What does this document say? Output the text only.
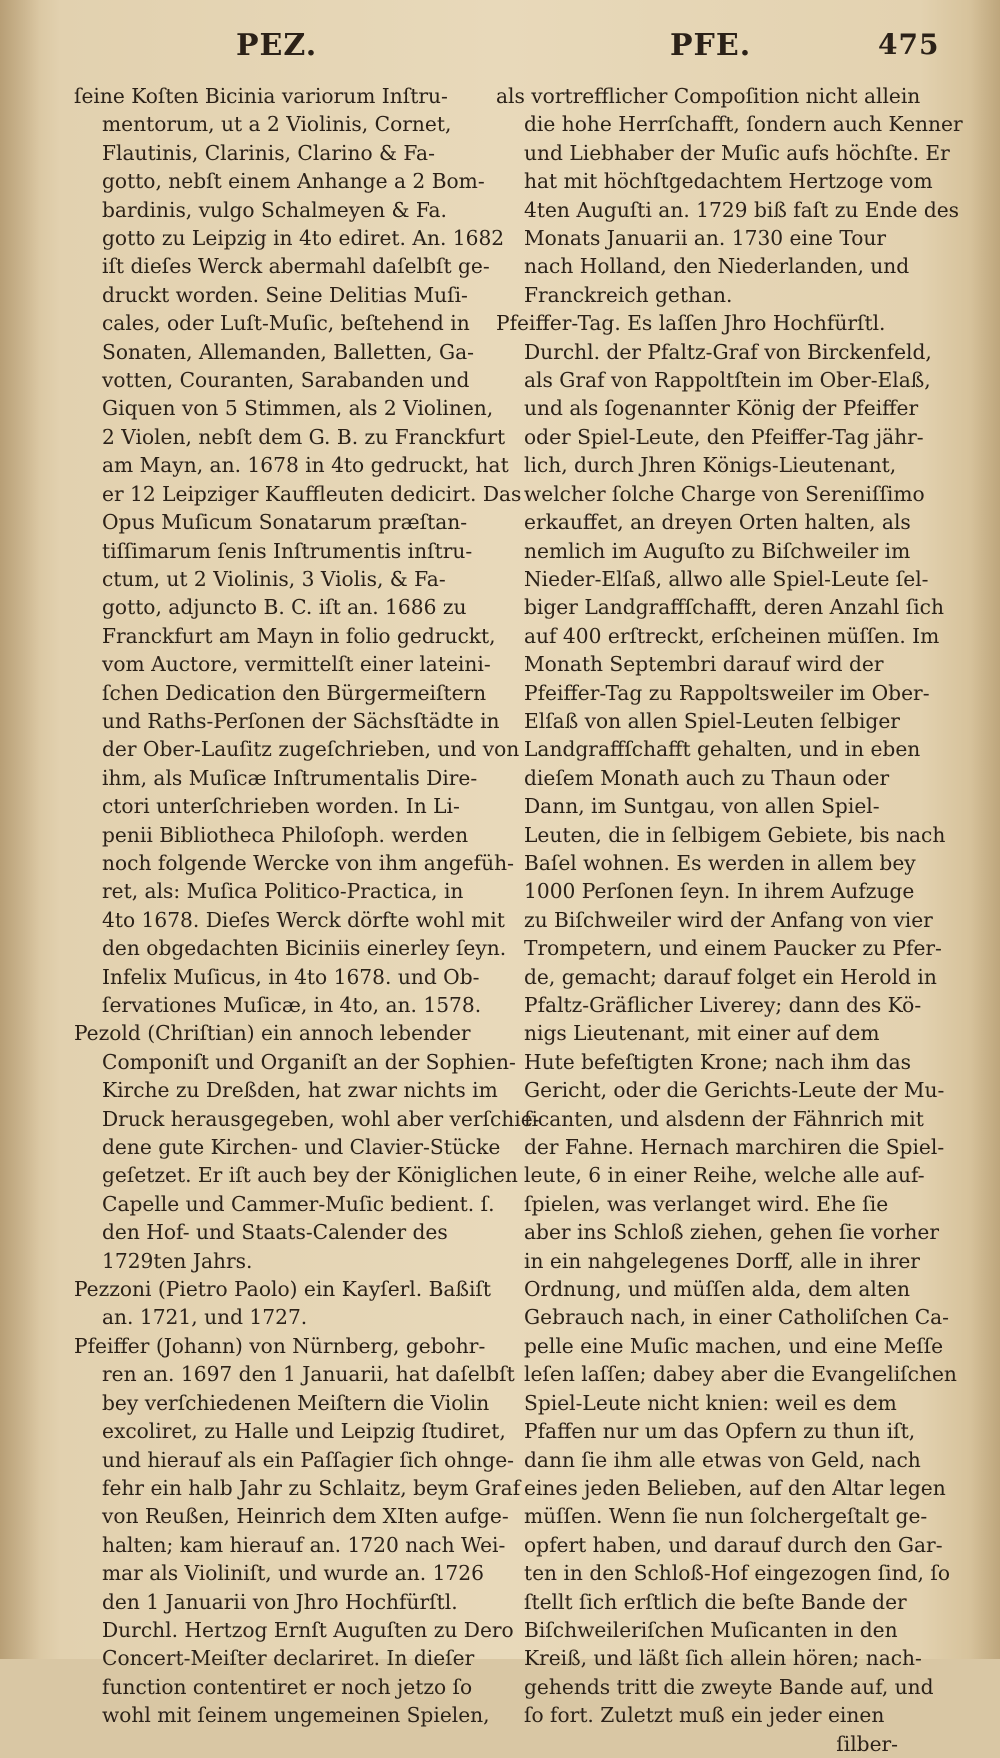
PEZ.	PFE.	475
ſeine Koſten Bicinia variorum Inſtru-
mentorum, ut a 2 Violinis, Cornet,
Flautinis, Clarinis, Clarino & Fa-
gotto, nebſt einem Anhange a 2 Bom-
bardinis, vulgo Schalmeyen & Fa.
gotto zu Leipzig in 4to ediret. An. 1682
iſt dieſes Werck abermahl daſelbſt ge-
druckt worden. Seine Delitias Muſi-
cales, oder Luſt-Muſic, beſtehend in
Sonaten, Allemanden, Balletten, Ga-
votten, Couranten, Sarabanden und
Giquen von 5 Stimmen, als 2 Violinen,
2 Violen, nebſt dem G. B. zu Franckfurt
am Mayn, an. 1678 in 4to gedruckt, hat
er 12 Leipziger Kauffleuten dedicirt. Das
Opus Muſicum Sonatarum præſtan-
tiſſimarum ſenis Inſtrumentis inſtru-
ctum, ut 2 Violinis, 3 Violis, & Fa-
gotto, adjuncto B. C. iſt an. 1686 zu
Franckfurt am Mayn in folio gedruckt,
vom Auctore, vermittelſt einer lateini-
ſchen Dedication den Bürgermeiſtern
und Raths-Perſonen der Sächsſtädte in
der Ober-Lauſitz zugeſchrieben, und von
ihm, als Muſicæ Inſtrumentalis Dire-
ctori unterſchrieben worden. In Li-
penii Bibliotheca Philoſoph. werden
noch folgende Wercke von ihm angefüh-
ret, als: Muſica Politico-Practica, in
4to 1678. Dieſes Werck dörfte wohl mit
den obgedachten Biciniis einerley ſeyn.
Infelix Muſicus, in 4to 1678. und Ob-
ſervationes Muſicæ, in 4to, an. 1578.
Pezold (Chriſtian) ein annoch lebender
Componiſt und Organiſt an der Sophien-
Kirche zu Dreßden, hat zwar nichts im
Druck herausgegeben, wohl aber verſchie-
dene gute Kirchen- und Clavier-Stücke
geſetzet. Er iſt auch bey der Königlichen
Capelle und Cammer-Muſic bedient. ſ.
den Hof- und Staats-Calender des
1729ten Jahrs.
Pezzoni (Pietro Paolo) ein Kayſerl. Baßiſt
an. 1721, und 1727.
Pfeiffer (Johann) von Nürnberg, gebohr-
ren an. 1697 den 1 Januarii, hat daſelbſt
bey verſchiedenen Meiſtern die Violin
excoliret, zu Halle und Leipzig ſtudiret,
und hierauf als ein Paſſagier ſich ohnge-
fehr ein halb Jahr zu Schlaitz, beym Graf
von Reußen, Heinrich dem XIten aufge-
halten; kam hierauf an. 1720 nach Wei-
mar als Violiniſt, und wurde an. 1726
den 1 Januarii von Jhro Hochfürſtl.
Durchl. Hertzog Ernſt Auguſten zu Dero
Concert-Meiſter declariret. In dieſer
function contentiret er noch jetzo ſo
wohl mit ſeinem ungemeinen Spielen,
als vortrefflicher Compoſition nicht allein
die hohe Herrſchafft, ſondern auch Kenner
und Liebhaber der Muſic aufs höchſte. Er
hat mit höchſtgedachtem Hertzoge vom
4ten Auguſti an. 1729 biß faſt zu Ende des
Monats Januarii an. 1730 eine Tour
nach Holland, den Niederlanden, und
Franckreich gethan.
Pfeiffer-Tag. Es laſſen Jhro Hochfürſtl.
Durchl. der Pfaltz-Graf von Birckenfeld,
als Graf von Rappoltſtein im Ober-Elaß,
und als ſogenannter König der Pfeiffer
oder Spiel-Leute, den Pfeiffer-Tag jähr-
lich, durch Jhren Königs-Lieutenant,
welcher ſolche Charge von Sereniſſimo
erkauffet, an dreyen Orten halten, als
nemlich im Auguſto zu Biſchweiler im
Nieder-Elſaß, allwo alle Spiel-Leute ſel-
biger Landgraffſchafft, deren Anzahl ſich
auf 400 erſtreckt, erſcheinen müſſen. Im
Monath Septembri darauf wird der
Pfeiffer-Tag zu Rappoltsweiler im Ober-
Elſaß von allen Spiel-Leuten ſelbiger
Landgraffſchafft gehalten, und in eben
dieſem Monath auch zu Thaun oder
Dann, im Suntgau, von allen Spiel-
Leuten, die in ſelbigem Gebiete, bis nach
Baſel wohnen. Es werden in allem bey
1000 Perſonen ſeyn. In ihrem Aufzuge
zu Biſchweiler wird der Anfang von vier
Trompetern, und einem Paucker zu Pfer-
de, gemacht; darauf folget ein Herold in
Pfaltz-Gräflicher Liverey; dann des Kö-
nigs Lieutenant, mit einer auf dem
Hute befeſtigten Krone; nach ihm das
Gericht, oder die Gerichts-Leute der Mu-
ſicanten, und alsdenn der Fähnrich mit
der Fahne. Hernach marchiren die Spiel-
leute, 6 in einer Reihe, welche alle auf-
ſpielen, was verlanget wird. Ehe ſie
aber ins Schloß ziehen, gehen ſie vorher
in ein nahgelegenes Dorff, alle in ihrer
Ordnung, und müſſen alda, dem alten
Gebrauch nach, in einer Catholiſchen Ca-
pelle eine Muſic machen, und eine Meſſe
leſen laſſen; dabey aber die Evangeliſchen
Spiel-Leute nicht knien: weil es dem
Pfaffen nur um das Opfern zu thun iſt,
dann ſie ihm alle etwas von Geld, nach
eines jeden Belieben, auf den Altar legen
müſſen. Wenn ſie nun ſolchergeſtalt ge-
opfert haben, und darauf durch den Gar-
ten in den Schloß-Hof eingezogen ſind, ſo
ſtellt ſich erſtlich die beſte Bande der
Biſchweileriſchen Muſicanten in den
Kreiß, und läßt ſich allein hören; nach-
gehends tritt die zweyte Bande auf, und
ſo fort. Zuletzt muß ein jeder einen
ſilber-
